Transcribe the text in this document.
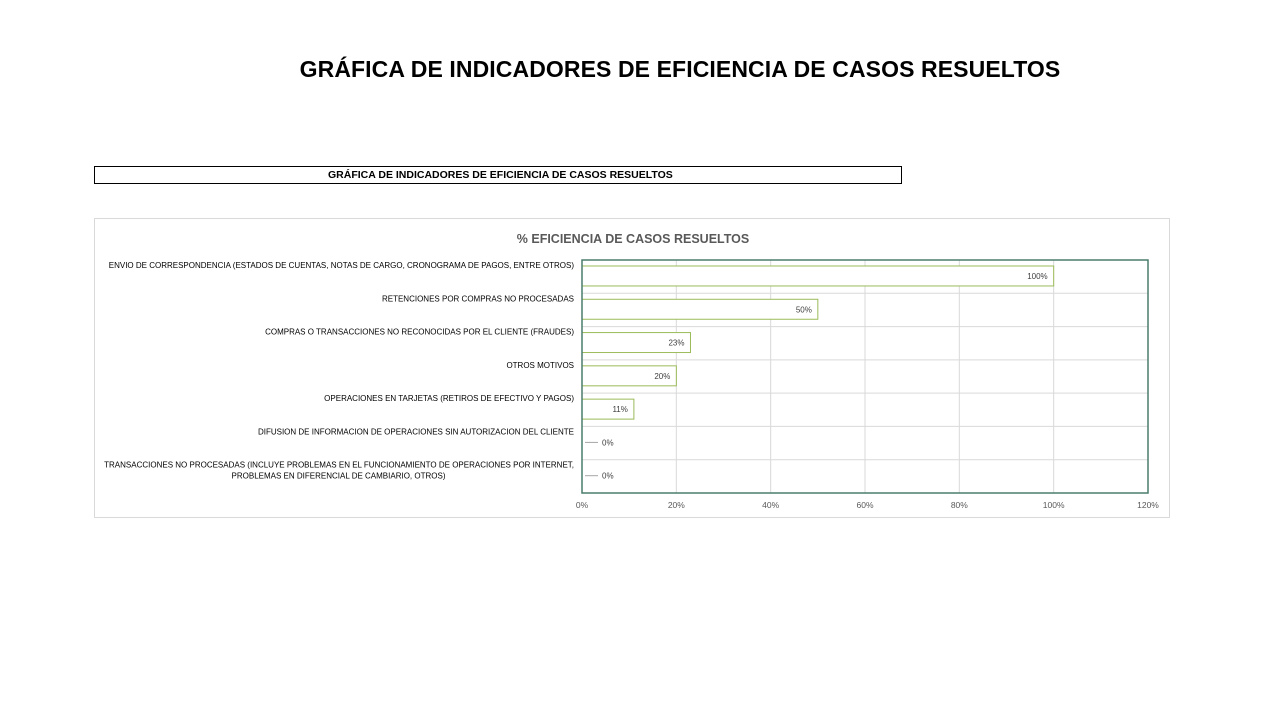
GRÁFICA DE INDICADORES DE EFICIENCIA DE CASOS RESUELTOS
GRÁFICA DE INDICADORES DE EFICIENCIA DE CASOS RESUELTOS
% EFICIENCIA DE CASOS RESUELTOS
0%	20%	40%	60%	80%	100%	120%
100%
ENVIO DE CORRESPONDENCIA (ESTADOS DE CUENTAS, NOTAS DE CARGO, CRONOGRAMA DE PAGOS, ENTRE OTROS)
50%
RETENCIONES POR COMPRAS NO PROCESADAS
23%
COMPRAS O TRANSACCIONES NO RECONOCIDAS POR EL CLIENTE (FRAUDES)
20%
OTROS MOTIVOS
11%
OPERACIONES EN TARJETAS (RETIROS DE EFECTIVO Y PAGOS)
0%
DIFUSION DE INFORMACION DE OPERACIONES SIN AUTORIZACION DEL CLIENTE
0%
TRANSACCIONES NO PROCESADAS (INCLUYE PROBLEMAS EN EL FUNCIONAMIENTO DE OPERACIONES POR INTERNET,
PROBLEMAS EN DIFERENCIAL DE CAMBIARIO, OTROS)
